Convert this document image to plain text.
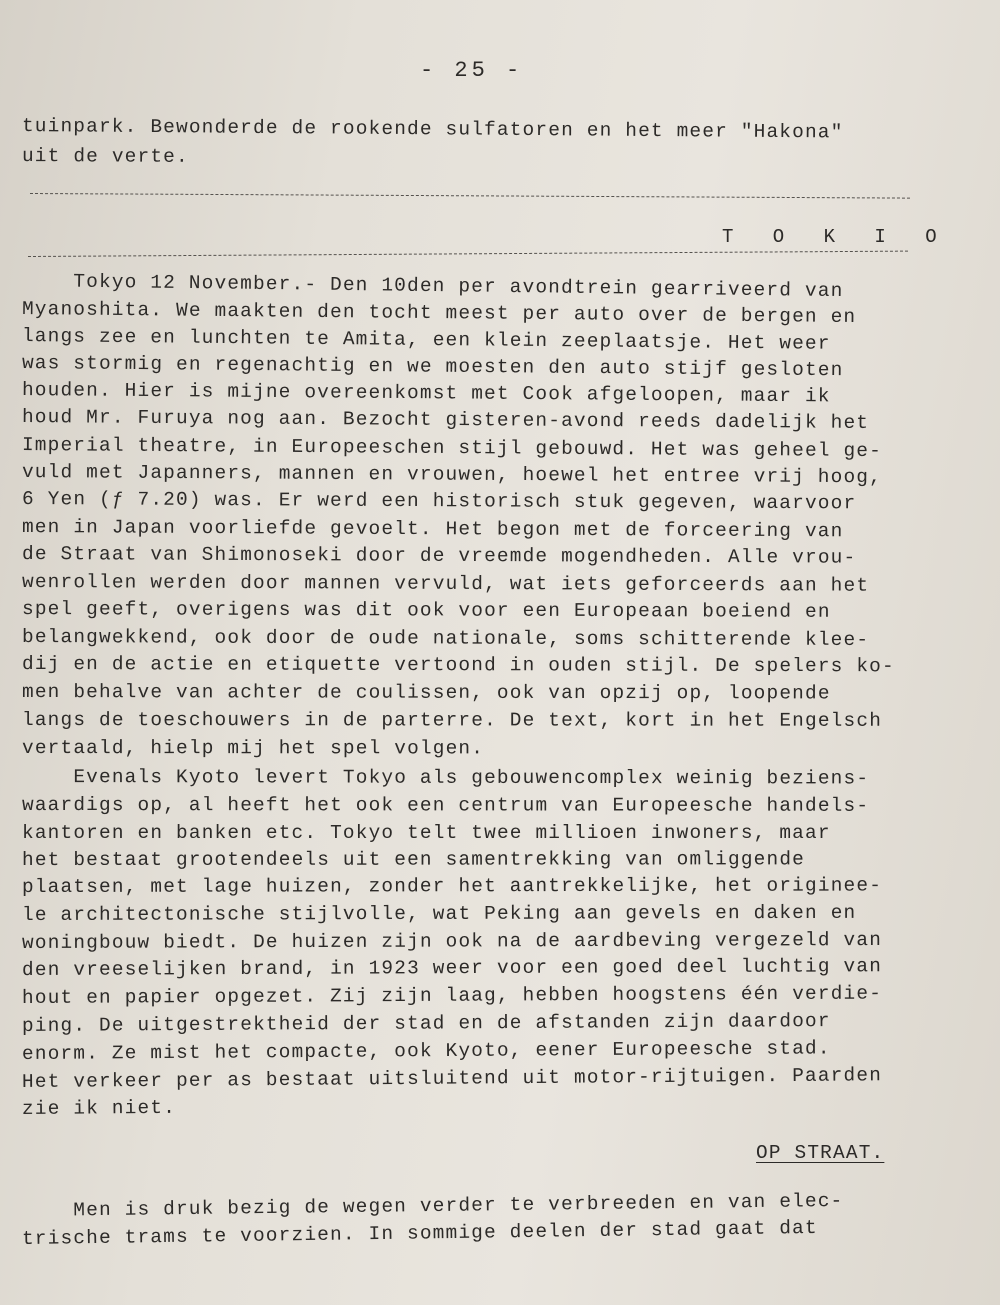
- 25 -
tuinpark. Bewonderde de rookende sulfatoren en het meer "Hakona"
uit de verte.
T O K I O
Tokyo 12 November.- Den 10den per avondtrein gearriveerd van
Myanoshita. We maakten den tocht meest per auto over de bergen en
langs zee en lunchten te Amita, een klein zeeplaatsje. Het weer
was stormig en regenachtig en we moesten den auto stijf gesloten
houden. Hier is mijne overeenkomst met Cook afgeloopen, maar ik
houd Mr. Furuya nog aan. Bezocht gisteren-avond reeds dadelijk het
Imperial theatre, in Europeeschen stijl gebouwd. Het was geheel ge-
vuld met Japanners, mannen en vrouwen, hoewel het entree vrij hoog,
6 Yen (ƒ 7.20) was. Er werd een historisch stuk gegeven, waarvoor
men in Japan voorliefde gevoelt. Het begon met de forceering van
de Straat van Shimonoseki door de vreemde mogendheden. Alle vrou-
wenrollen werden door mannen vervuld, wat iets geforceerds aan het
spel geeft, overigens was dit ook voor een Europeaan boeiend en
belangwekkend, ook door de oude nationale, soms schitterende klee-
dij en de actie en etiquette vertoond in ouden stijl. De spelers ko-
men behalve van achter de coulissen, ook van opzij op, loopende
langs de toeschouwers in de parterre. De text, kort in het Engelsch
vertaald, hielp mij het spel volgen.
Evenals Kyoto levert Tokyo als gebouwencomplex weinig beziens-
waardigs op, al heeft het ook een centrum van Europeesche handels-
kantoren en banken etc. Tokyo telt twee millioen inwoners, maar
het bestaat grootendeels uit een samentrekking van omliggende
plaatsen, met lage huizen, zonder het aantrekkelijke, het origineе-
le architectonische stijlvolle, wat Peking aan gevels en daken en
woningbouw biedt. De huizen zijn ook na de aardbeving vergezeld van
den vreeselijken brand, in 1923 weer voor een goed deel luchtig van
hout en papier opgezet. Zij zijn laag, hebben hoogstens één verdie-
ping. De uitgestrektheid der stad en de afstanden zijn daardoor
enorm. Ze mist het compacte, ook Kyoto, eener Europeesche stad.
Het verkeer per as bestaat uitsluitend uit motor-rijtuigen. Paarden
zie ik niet.
OP STRAAT.
Men is druk bezig de wegen verder te verbreeden en van elec-
trische trams te voorzien. In sommige deelen der stad gaat dat
